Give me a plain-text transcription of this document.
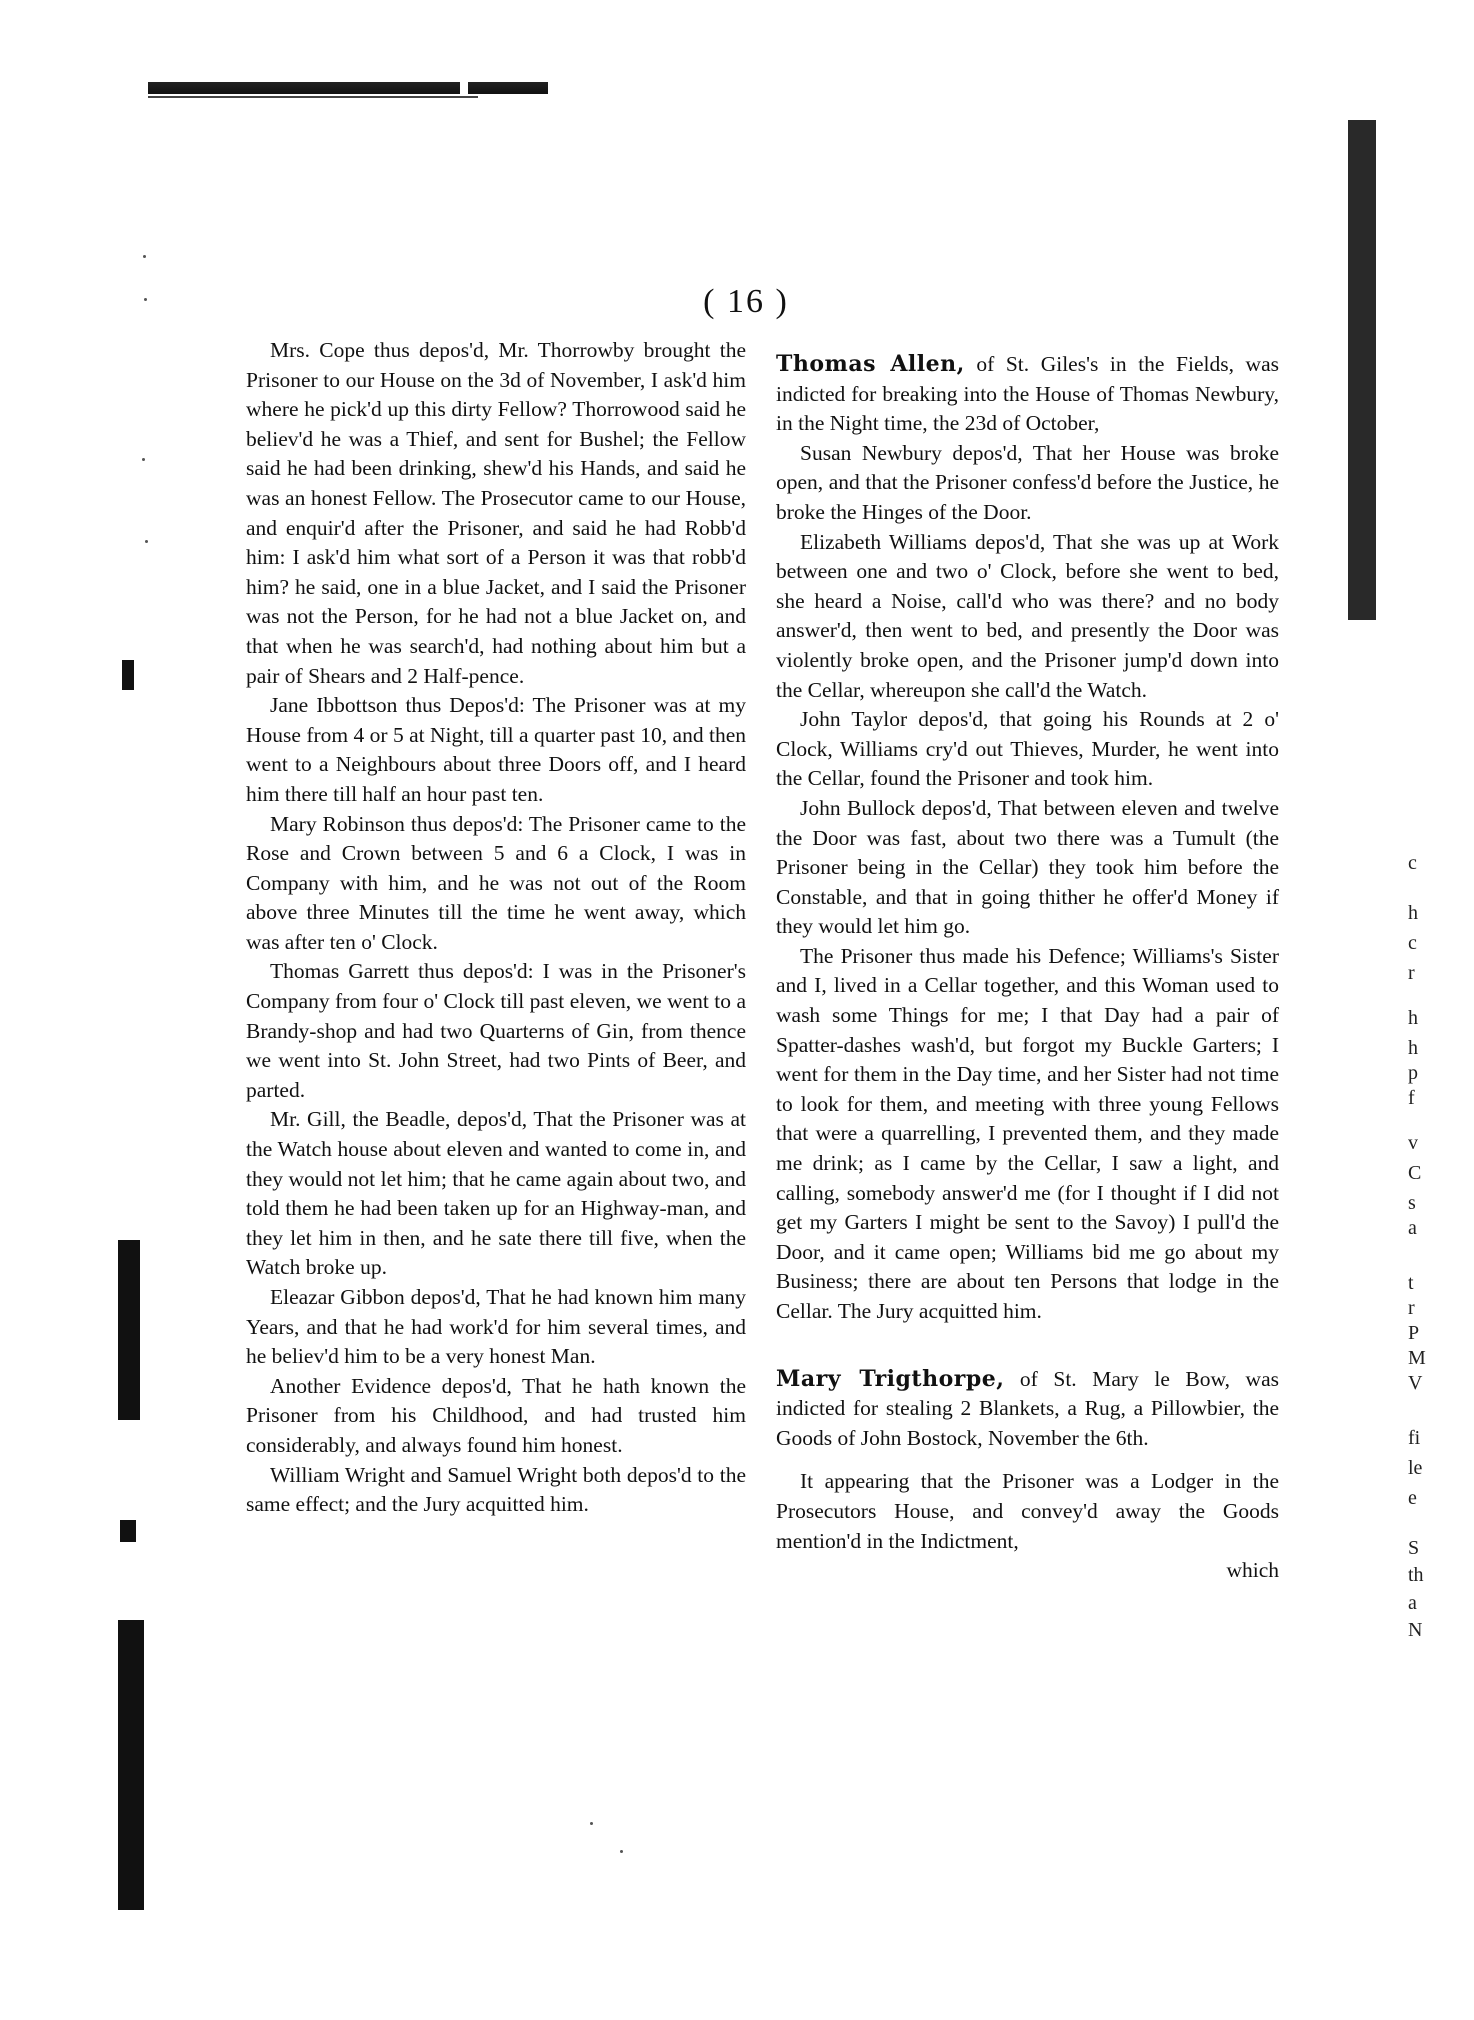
( 16 )

Mrs. Cope thus depos'd, Mr. Thorrowby brought the Prisoner to our House on the 3d of November, I ask'd him where he pick'd up this dirty Fellow? Thorrowood said he believ'd he was a Thief, and sent for Bushel; the Fellow said he had been drinking, shew'd his Hands, and said he was an honest Fellow. The Prosecutor came to our House, and enquir'd after the Prisoner, and said he had Robb'd him: I ask'd him what sort of a Person it was that robb'd him? he said, one in a blue Jacket, and I said the Prisoner was not the Person, for he had not a blue Jacket on, and that when he was search'd, had nothing about him but a pair of Shears and 2 Half-pence.

Jane Ibbottson thus Depos'd: The Prisoner was at my House from 4 or 5 at Night, till a quarter past 10, and then went to a Neighbours about three Doors off, and I heard him there till half an hour past ten.

Mary Robinson thus depos'd: The Prisoner came to the Rose and Crown between 5 and 6 a Clock, I was in Company with him, and he was not out of the Room above three Minutes till the time he went away, which was after ten o' Clock.

Thomas Garrett thus depos'd: I was in the Prisoner's Company from four o' Clock till past eleven, we went to a Brandy-shop and had two Quarterns of Gin, from thence we went into St. John Street, had two Pints of Beer, and parted.

Mr. Gill, the Beadle, depos'd, That the Prisoner was at the Watch house about eleven and wanted to come in, and they would not let him; that he came again about two, and told them he had been taken up for an Highway-man, and they let him in then, and he sate there till five, when the Watch broke up.

Eleazar Gibbon depos'd, That he had known him many Years, and that he had work'd for him several times, and he believ'd him to be a very honest Man.

Another Evidence depos'd, That he hath known the Prisoner from his Childhood, and had trusted him considerably, and always found him honest.

William Wright and Samuel Wright both depos'd to the same effect; and the Jury acquitted him.

Thomas Allen, of St. Giles's in the Fields, was indicted for breaking into the House of Thomas Newbury, in the Night time, the 23d of October,

Susan Newbury depos'd, That her House was broke open, and that the Prisoner confess'd before the Justice, he broke the Hinges of the Door.

Elizabeth Williams depos'd, That she was up at Work between one and two o' Clock, before she went to bed, she heard a Noise, call'd who was there? and no body answer'd, then went to bed, and presently the Door was violently broke open, and the Prisoner jump'd down into the Cellar, whereupon she call'd the Watch.

John Taylor depos'd, that going his Rounds at 2 o' Clock, Williams cry'd out Thieves, Murder, he went into the Cellar, found the Prisoner and took him.

John Bullock depos'd, That between eleven and twelve the Door was fast, about two there was a Tumult (the Prisoner being in the Cellar) they took him before the Constable, and that in going thither he offer'd Money if they would let him go.

The Prisoner thus made his Defence; Williams's Sister and I, lived in a Cellar together, and this Woman used to wash some Things for me; I that Day had a pair of Spatter-dashes wash'd, but forgot my Buckle Garters; I went for them in the Day time, and her Sister had not time to look for them, and meeting with three young Fellows that were a quarrelling, I prevented them, and they made me drink; as I came by the Cellar, I saw a light, and calling, somebody answer'd me (for I thought if I did not get my Garters I might be sent to the Savoy) I pull'd the Door, and it came open; Williams bid me go about my Business; there are about ten Persons that lodge in the Cellar. The Jury acquitted him.

Mary Trigthorpe, of St. Mary le Bow, was indicted for stealing 2 Blankets, a Rug, a Pillowbier, the Goods of John Bostock, November the 6th.

It appearing that the Prisoner was a Lodger in the Prosecutors House, and convey'd away the Goods mention'd in the Indictment,

which

c
h
c
r
h
h
p
f
v
C
s
a
t
r
P
M
V
fi
le
e
S
th
a
N
